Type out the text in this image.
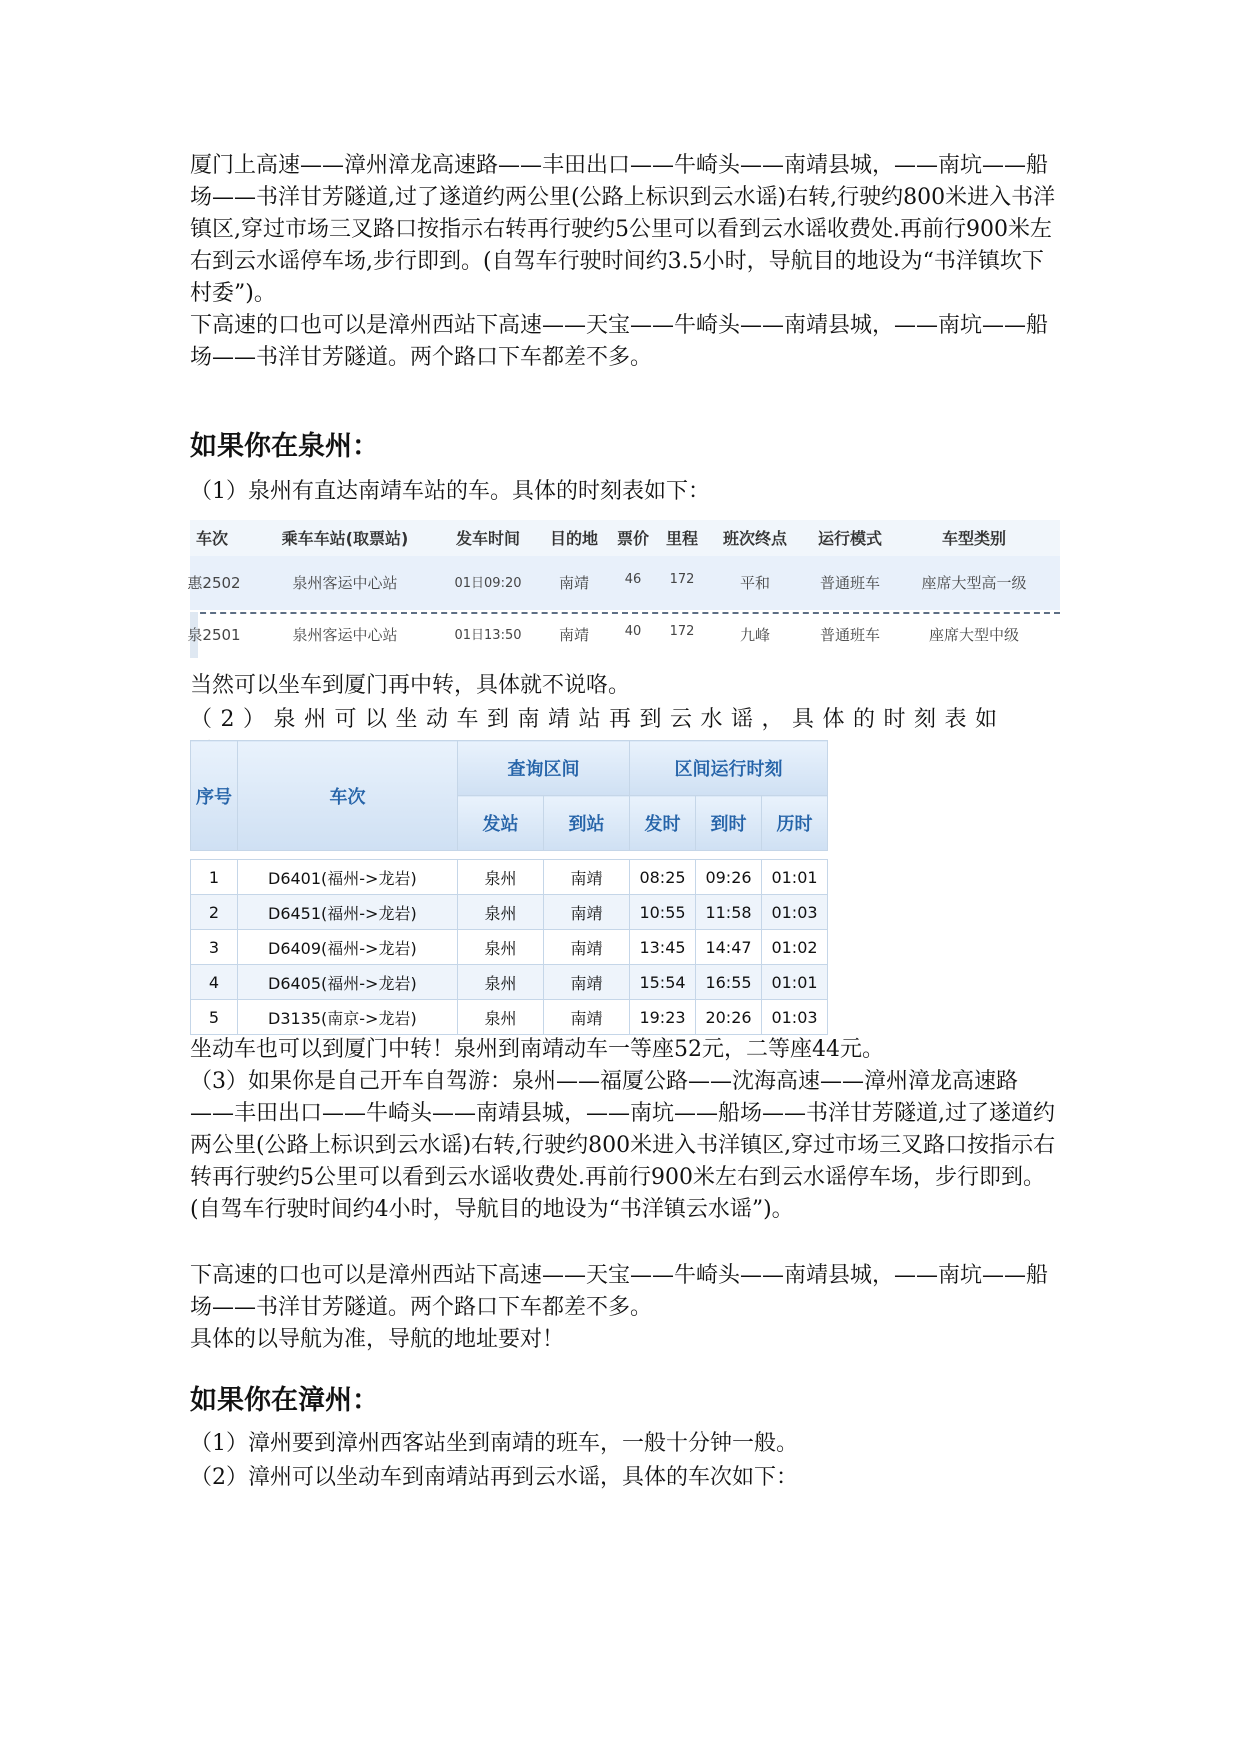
厦门上高速——漳州漳龙高速路——丰田出口——牛崎头——南靖县城，——南坑——船场——书洋甘芳隧道,过了遂道约两公里(公路上标识到云水谣)右转,行驶约800米进入书洋镇区,穿过市场三叉路口按指示右转再行驶约5公里可以看到云水谣收费处.再前行900米左右到云水谣停车场,步行即到。(自驾车行驶时间约3.5小时，导航目的地设为“书洋镇坎下村委”)。

下高速的口也可以是漳州西站下高速——天宝——牛崎头——南靖县城，——南坑——船场——书洋甘芳隧道。两个路口下车都差不多。

如果你在泉州：

（1）泉州有直达南靖车站的车。具体的时刻表如下：

车次	乘车车站(取票站)	发车时间 目的地 票价 里程 班次终点 运行模式	车型类别
惠2502	泉州客运中心站	01日09:20 南靖	46 172	平和	普通班车	座席大型高一级
泉2501	泉州客运中心站	01日13:50 南靖	40 172	九峰	普通班车	座席大型中级

当然可以坐车到厦门再中转，具体就不说咯。

（2）泉州可以坐动车到南靖站再到云水谣，具体的时刻表如

序号	车次	查询区间		区间运行时刻		
		发站	到站	发时	到时	历时

1	D6401(福州->龙岩)	泉州	南靖	08:25	09:26	01:01
2	D6451(福州->龙岩)	泉州	南靖	10:55	11:58	01:03
3	D6409(福州->龙岩)	泉州	南靖	13:45	14:47	01:02
4	D6405(福州->龙岩)	泉州	南靖	15:54	16:55	01:01
5	D3135(南京->龙岩)	泉州	南靖	19:23	20:26	01:03

坐动车也可以到厦门中转！泉州到南靖动车一等座52元，二等座44元。

（3）如果你是自己开车自驾游：泉州——福厦公路——沈海高速——漳州漳龙高速路——丰田出口——牛崎头——南靖县城，——南坑——船场——书洋甘芳隧道,过了遂道约两公里(公路上标识到云水谣)右转,行驶约800米进入书洋镇区,穿过市场三叉路口按指示右转再行驶约5公里可以看到云水谣收费处.再前行900米左右到云水谣停车场，步行即到。(自驾车行驶时间约4小时，导航目的地设为“书洋镇云水谣”)。

下高速的口也可以是漳州西站下高速——天宝——牛崎头——南靖县城，——南坑——船场——书洋甘芳隧道。两个路口下车都差不多。

具体的以导航为准，导航的地址要对！

如果你在漳州：

（1）漳州要到漳州西客站坐到南靖的班车，一般十分钟一般。

（2）漳州可以坐动车到南靖站再到云水谣，具体的车次如下：
